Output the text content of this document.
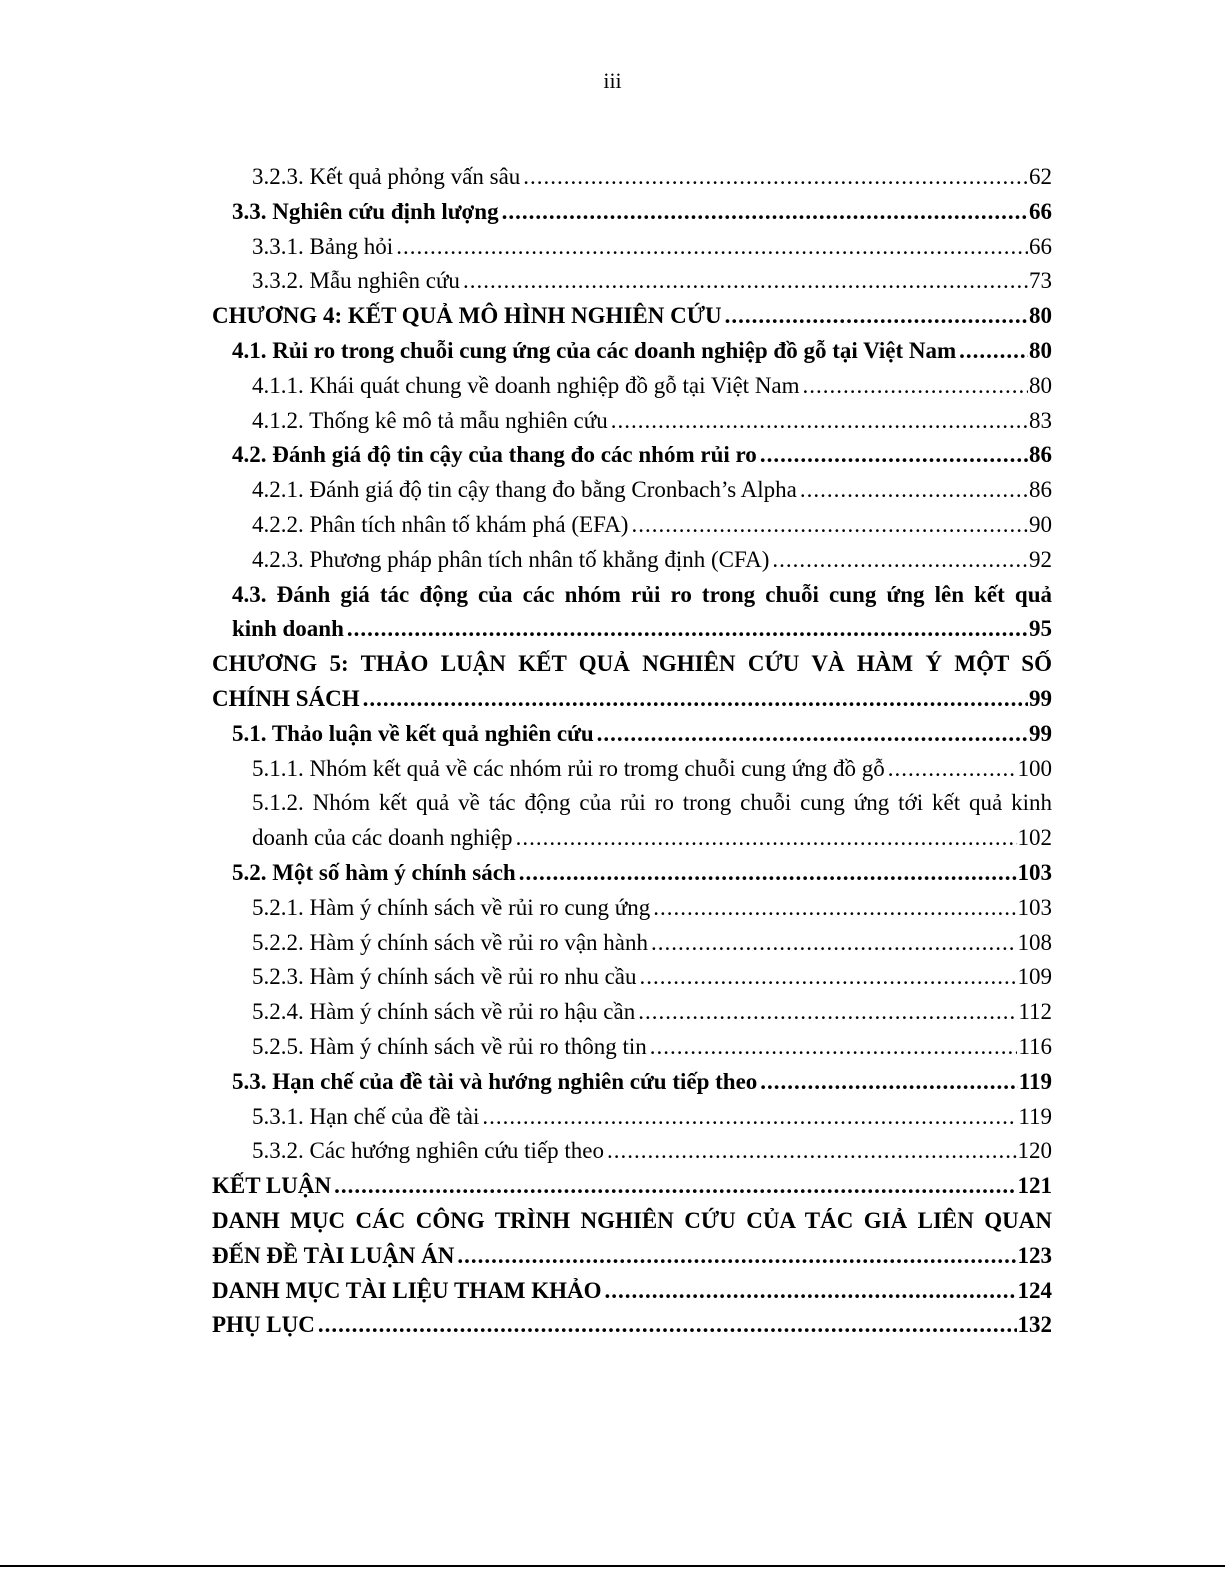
iii
3.2.3. Kết quả phỏng vấn sâu .....	62
3.3. Nghiên cứu định lượng .....	66
3.3.1. Bảng hỏi .....	66
3.3.2. Mẫu nghiên cứu .....	73
CHƯƠNG 4: KẾT QUẢ MÔ HÌNH NGHIÊN CỨU .....	80
4.1. Rủi ro trong chuỗi cung ứng của các doanh nghiệp đồ gỗ tại Việt Nam .....	80
4.1.1. Khái quát chung về doanh nghiệp đồ gỗ tại Việt Nam .....	80
4.1.2. Thống kê mô tả mẫu nghiên cứu .....	83
4.2. Đánh giá độ tin cậy của thang đo các nhóm rủi ro .....	86
4.2.1. Đánh giá độ tin cậy thang đo bằng Cronbach’s Alpha .....	86
4.2.2. Phân tích nhân tố khám phá (EFA) .....	90
4.2.3. Phương pháp phân tích nhân tố khẳng định (CFA) .....	92
4.3. Đánh giá tác động của các nhóm rủi ro trong chuỗi cung ứng lên kết quả
kinh doanh .....	95
CHƯƠNG 5: THẢO LUẬN KẾT QUẢ NGHIÊN CỨU VÀ HÀM Ý MỘT SỐ
CHÍNH SÁCH .....	99
5.1. Thảo luận về kết quả nghiên cứu .....	99
5.1.1. Nhóm kết quả về các nhóm rủi ro tromg chuỗi cung ứng đồ gỗ .....	100
5.1.2. Nhóm kết quả về tác động của rủi ro trong chuỗi cung ứng tới kết quả kinh
doanh của các doanh nghiệp .....	102
5.2. Một số hàm ý chính sách .....	103
5.2.1. Hàm ý chính sách về rủi ro cung ứng .....	103
5.2.2. Hàm ý chính sách về rủi ro vận hành .....	108
5.2.3. Hàm ý chính sách về rủi ro nhu cầu .....	109
5.2.4. Hàm ý chính sách về rủi ro hậu cần .....	112
5.2.5. Hàm ý chính sách về rủi ro thông tin .....	116
5.3. Hạn chế của đề tài và hướng nghiên cứu tiếp theo .....	119
5.3.1. Hạn chế của đề tài .....	119
5.3.2. Các hướng nghiên cứu tiếp theo .....	120
KẾT LUẬN .....	121
DANH MỤC CÁC CÔNG TRÌNH NGHIÊN CỨU CỦA TÁC GIẢ LIÊN QUAN
ĐẾN ĐỀ TÀI LUẬN ÁN .....	123
DANH MỤC TÀI LIỆU THAM KHẢO .....	124
PHỤ LỤC .....	132
